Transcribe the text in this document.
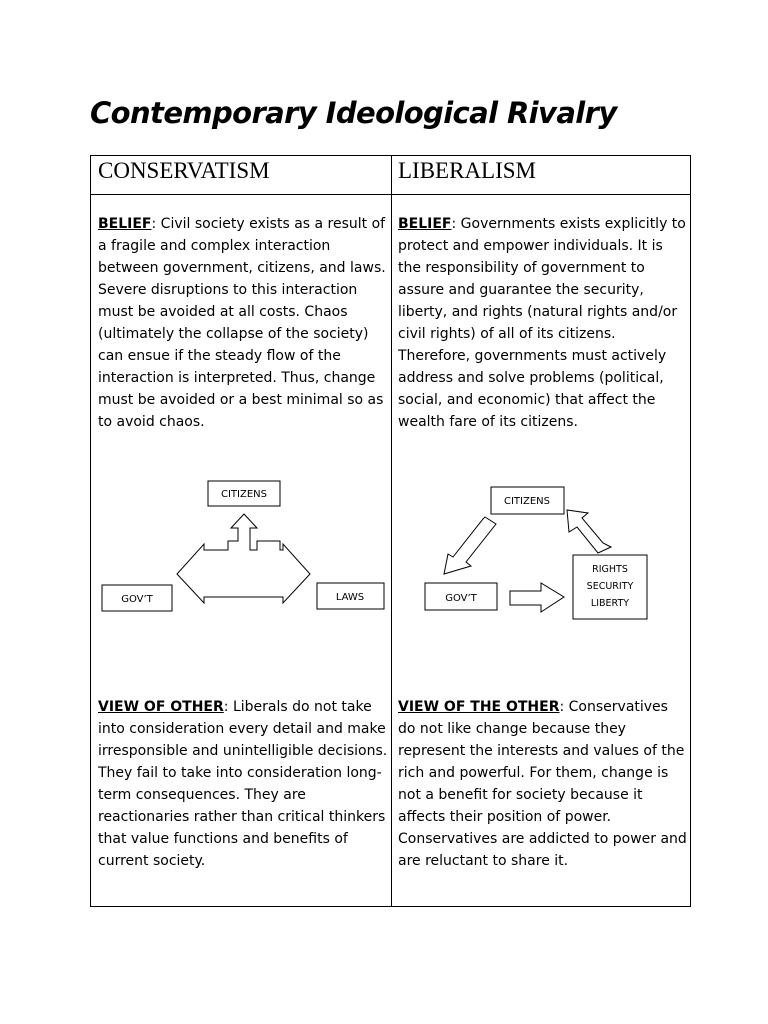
Contemporary Ideological Rivalry
CONSERVATISM	LIBERALISM

BELIEF: Civil society exists as a result of a fragile and complex interaction between government, citizens, and laws. Severe disruptions to this interaction must be avoided at all costs. Chaos (ultimately the collapse of the society) can ensue if the steady flow of the interaction is interpreted. Thus, change must be avoided or a best minimal so as to avoid chaos.

BELIEF: Governments exists explicitly to protect and empower individuals. It is the responsibility of government to assure and guarantee the security, liberty, and rights (natural rights and/or civil rights) of all of its citizens. Therefore, governments must actively address and solve problems (political, social, and economic) that affect the wealth fare of its citizens.

CITIZENS
GOV’T	LAWS
CITIZENS
GOV’T
RIGHTS
SECURITY
LIBERTY

VIEW OF OTHER: Liberals do not take into consideration every detail and make irresponsible and unintelligible decisions. They fail to take into consideration long-term consequences. They are reactionaries rather than critical thinkers that value functions and benefits of current society.

VIEW OF THE OTHER: Conservatives do not like change because they represent the interests and values of the rich and powerful. For them, change is not a benefit for society because it affects their position of power. Conservatives are addicted to power and are reluctant to share it.
